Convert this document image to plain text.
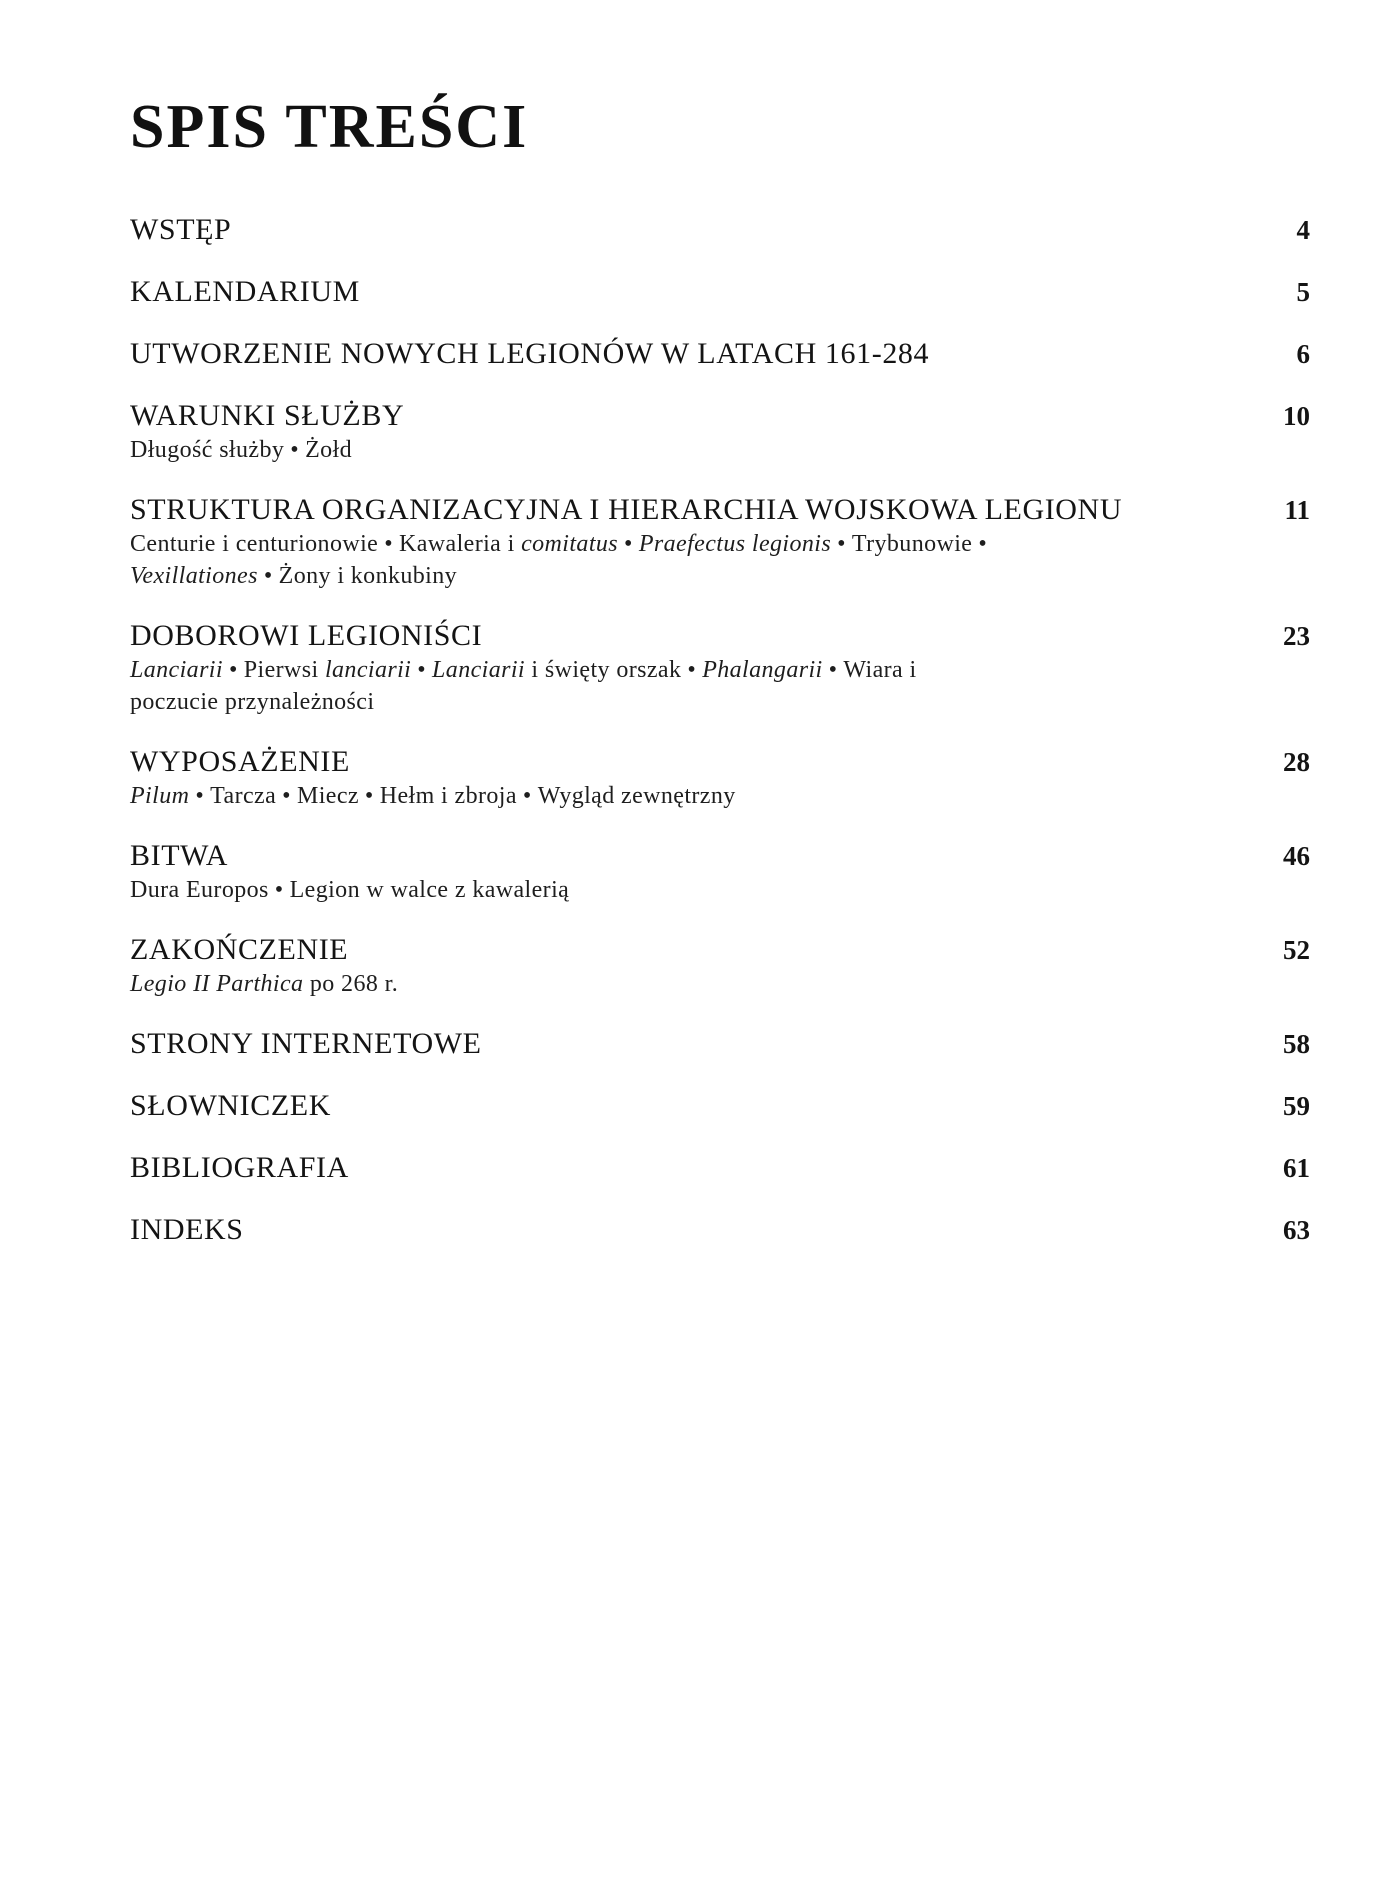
SPIS TREŚCI
WSTĘP	4
KALENDARIUM	5
UTWORZENIE NOWYCH LEGIONÓW W LATACH 161-284	6
WARUNKI SŁUŻBY	10
Długość służby • Żołd
STRUKTURA ORGANIZACYJNA I HIERARCHIA WOJSKOWA LEGIONU	11
Centurie i centurionowie • Kawaleria i comitatus • Praefectus legionis • Trybunowie •Vexillationes • Żony i konkubiny
DOBOROWI LEGIONIŚCI	23
Lanciarii • Pierwsi lanciarii • Lanciarii i święty orszak • Phalangarii • Wiara i poczucie przynależności
WYPOSAŻENIE	28
Pilum • Tarcza • Miecz • Hełm i zbroja • Wygląd zewnętrzny
BITWA	46
Dura Europos • Legion w walce z kawalerią
ZAKOŃCZENIE	52
Legio II Parthica po 268 r.
STRONY INTERNETOWE	58
SŁOWNICZEK	59
BIBLIOGRAFIA	61
INDEKS	63
